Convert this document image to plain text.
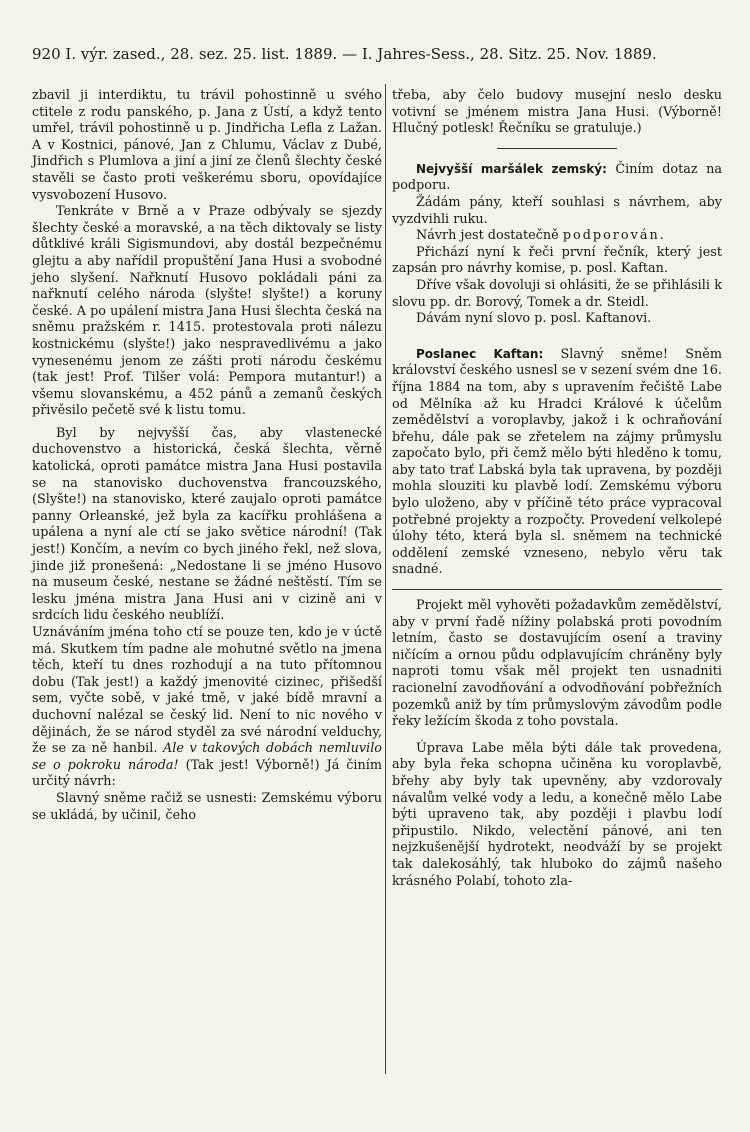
920 I. výr. zased., 28. sez. 25. list. 1889. — I. Jahres-Sess., 28. Sitz. 25. Nov. 1889.

zbavil ji interdiktu, tu trávil pohostinně u svého ctitele z rodu panského, p. Jana z Ústí, a když tento umřel, trávil pohostinně u p. Jindřicha Lefla z Lažan. A v Kostnici, pánové, Jan z Chlumu, Václav z Dubé, Jindřich s Plumlova a jiní a jiní ze členů šlechty české stavěli se často proti veškerému sboru, opovídajíce vysvobození Husovo.

Tenkráte v Brně a v Praze odbývaly se sjezdy šlechty české a moravské, a na těch diktovaly se listy důtklivé králi Sigismundovi, aby dostál bezpečnému glejtu a aby nařídil propuštění Jana Husi a svobodné jeho slyšení. Nařknutí Husovo pokládali páni za nařknutí celého národa (slyšte! slyšte!) a koruny české. A po upálení mistra Jana Husi šlechta česká na sněmu pražském r. 1415. protestovala proti nálezu kostnickému (slyšte!) jako nespravedlivému a jako vynesenému jenom ze zášti proti národu českému (tak jest! Prof. Tilšer volá: Pempora mutantur!) a všemu slovanskému, a 452 pánů a zemanů českých přivěsilo pečetě své k listu tomu.

Byl by nejvyšší čas, aby vlastenecké duchovenstvo a historická, česká šlechta, věrně katolická, oproti památce mistra Jana Husi postavila se na stanovisko duchovenstva francouzského, (Slyšte!) na stanovisko, které zaujalo oproti památce panny Orleanské, jež byla za kacířku prohlášena a upálena a nyní ale ctí se jako světice národní! (Tak jest!) Končím, a nevím co bych jiného řekl, než slova, jinde již pronešená: „Nedostane li se jméno Husovo na museum české, nestane se žádné neštěstí. Tím se lesku jména mistra Jana Husi ani v cizině ani v srdcích lidu českého neublíží.

Uznáváním jména toho ctí se pouze ten, kdo je v úctě má. Skutkem tím padne ale mohutné světlo na jmena těch, kteří tu dnes rozhodují a na tuto přítomnou dobu (Tak jest!) a každý jmenovité cizinec, přišedší sem, vyčte sobě, v jaké tmě, v jaké bídě mravní a duchovní nalézal se český lid. Není to nic nového v dějinách, že se národ styděl za své národní velduchy, že se za ně hanbil. Ale v takových dobách nemluvilo se o pokroku národa! (Tak jest! Výborně!) Já činím určitý návrh:

Slavný sněme račiž se usnesti: Zemskému výboru se ukládá, by učinil, čeho

třeba, aby čelo budovy musejní neslo desku votivní se jménem mistra Jana Husi. (Výborně! Hlučný potlesk! Řečníku se gratuluje.)

Nejvyšší maršálek zemský: Činím dotaz na podporu.

Žádám pány, kteří souhlasi s návrhem, aby vyzdvihli ruku.

Návrh jest dostatečně podporován.

Přichází nyní k řeči první řečník, který jest zapsán pro návrhy komise, p. posl. Kaftan.

Dříve však dovoluji si ohlásiti, že se přihlásili k slovu pp. dr. Borový, Tomek a dr. Steidl.

Dávám nyní slovo p. posl. Kaftanovi.

Poslanec Kaftan: Slavný sněme! Sněm království českého usnesl se v sezení svém dne 16. října 1884 na tom, aby s upravením řečiště Labe od Mělníka až ku Hradci Králové k účelům zemědělství a voroplavby, jakož i k ochraňování břehu, dále pak se zřetelem na zájmy průmyslu započato bylo, při čemž mělo býti hleděno k tomu, aby tato trať Labská byla tak upravena, by později mohla slouziti ku plavbě lodí. Zemskému výboru bylo uloženo, aby v příčině této práce vypracoval potřebné projekty a rozpočty. Provedení velkolepé úlohy této, která byla sl. sněmem na technické oddělení zemské vzneseno, nebylo věru tak snadné.

Projekt měl vyhověti požadavkům zemědělství, aby v první řadě nížiny polabská proti povodním letním, často se dostavujícím osení a traviny ničícím a ornou půdu odplavujícím chráněny byly naproti tomu však měl projekt ten usnadniti racionelní zavodňování a odvodňování pobřežních pozemků aniž by tím průmyslovým závodům podle řeky ležícím škoda z toho povstala.

Úprava Labe měla býti dále tak provedena, aby byla řeka schopna učiněna ku voroplavbě, břehy aby byly tak upevněny, aby vzdorovaly návalům velké vody a ledu, a konečně mělo Labe býti upraveno tak, aby později i plavbu lodí připustilo. Nikdo, velectění pánové, ani ten nejzkušenější hydrotekt, neodváží by se projekt tak dalekosáhlý, tak hluboko do zájmů našeho krásného Polabí, tohoto zla-
